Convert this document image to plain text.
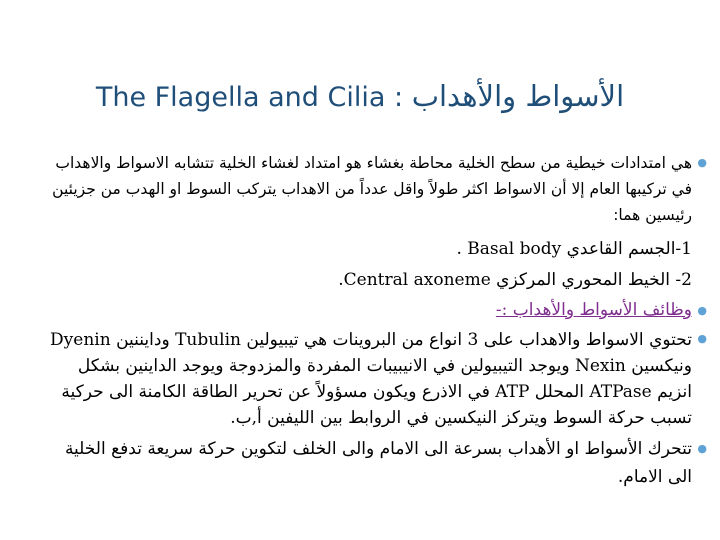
The Flagella and Cilia : الأسواط والأهداب
●
هي امتدادات خيطية من سطح الخلية محاطة بغشاء هو امتداد لغشاء الخلية تتشابه الاسواط والاهداب في تركيبها العام إلا أن الاسواط اكثر طولاً واقل عدداً من الاهداب يتركب السوط او الهدب من جزيئين رئيسين هما:
1-الجسم القاعدي Basal body .
2- الخيط المحوري المركزي Central axoneme.
●
وظائف الأسواط والأهداب :-
●
تحتوي الاسواط والاهداب على 3 انواع من البروينات هي تيبيولين Tubulin ودايننين Dyenin ونيكسين Nexin ويوجد التيبيولين في الانيبيبات المفردة والمزدوجة ويوجد الداينين بشكل انزيم ATPase المحلل ATP في الاذرع ويكون مسؤولاً عن تحرير الطاقة الكامنة الى حركية تسبب حركة السوط ويتركز النيكسين في الروابط بين الليفين أ,ب.
●
تتحرك الأسواط او الأهداب بسرعة الى الامام والى الخلف لتكوين حركة سريعة تدفع الخلية الى الامام.
